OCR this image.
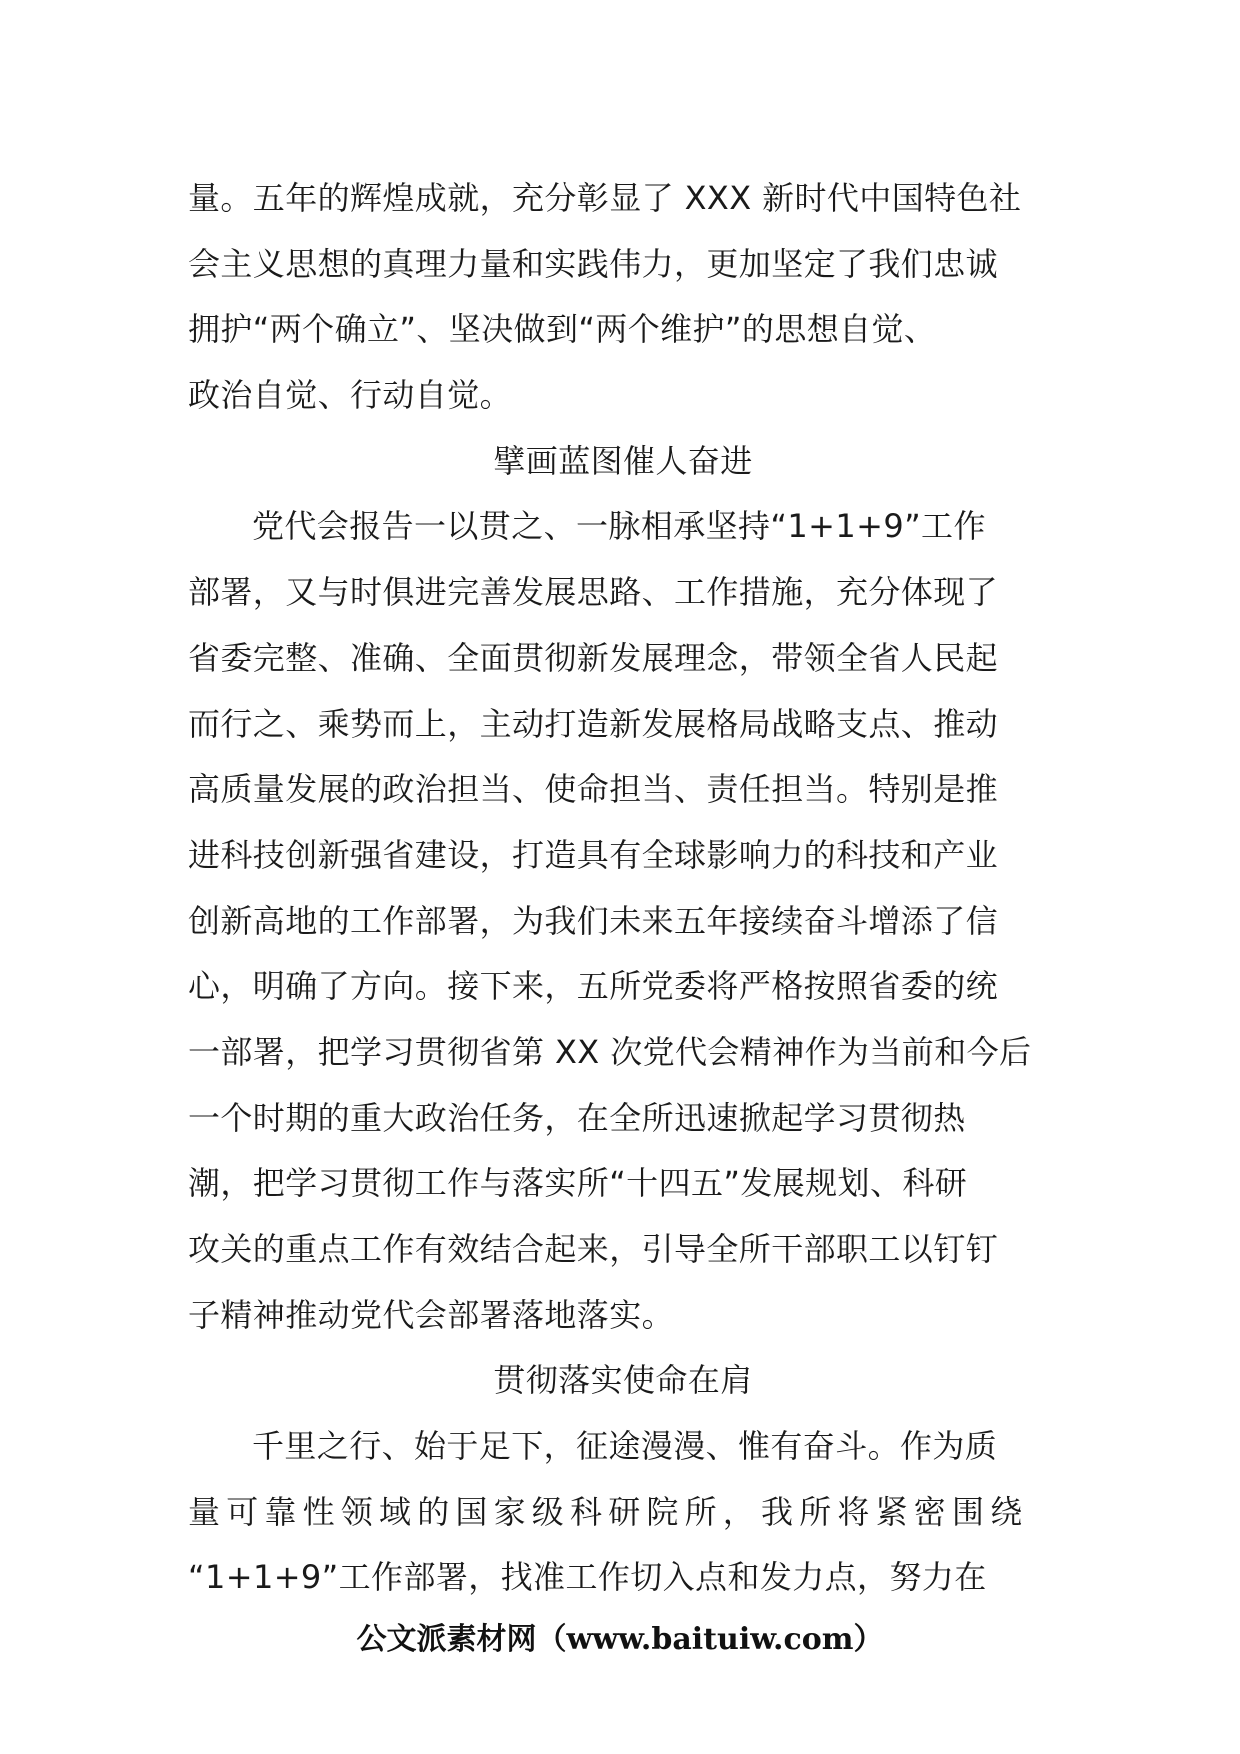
量。五年的辉煌成就，充分彰显了 XXX 新时代中国特色社
会主义思想的真理力量和实践伟力，更加坚定了我们忠诚
拥护“两个确立”、坚决做到“两个维护”的思想自觉、
政治自觉、行动自觉。
擘画蓝图催人奋进
党代会报告一以贯之、一脉相承坚持“1+1+9”工作
部署，又与时俱进完善发展思路、工作措施，充分体现了
省委完整、准确、全面贯彻新发展理念，带领全省人民起
而行之、乘势而上，主动打造新发展格局战略支点、推动
高质量发展的政治担当、使命担当、责任担当。特别是推
进科技创新强省建设，打造具有全球影响力的科技和产业
创新高地的工作部署，为我们未来五年接续奋斗增添了信
心，明确了方向。接下来，五所党委将严格按照省委的统
一部署，把学习贯彻省第 XX 次党代会精神作为当前和今后
一个时期的重大政治任务，在全所迅速掀起学习贯彻热
潮，把学习贯彻工作与落实所“十四五”发展规划、科研
攻关的重点工作有效结合起来，引导全所干部职工以钉钉
子精神推动党代会部署落地落实。
贯彻落实使命在肩
千里之行、始于足下，征途漫漫、惟有奋斗。作为质
量可靠性领域的国家级科研院所，我所将紧密围绕
“1+1+9”工作部署，找准工作切入点和发力点，努力在
公文派素材网（www.baituiw.com）
